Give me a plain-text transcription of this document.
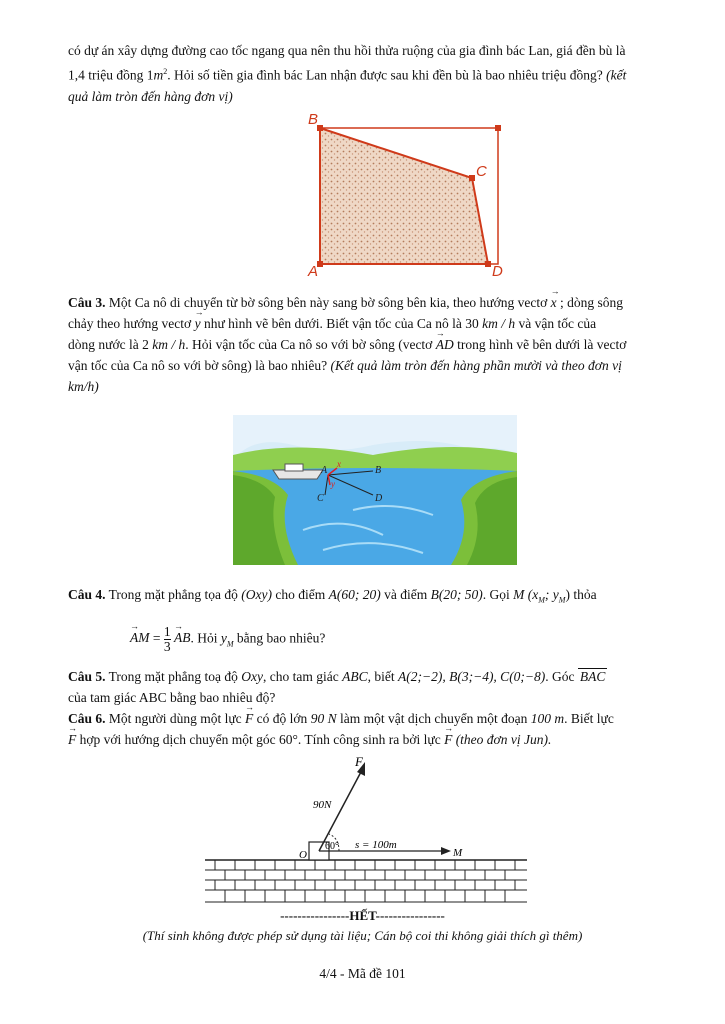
có dự án xây dựng đường cao tốc ngang qua nên thu hồi thửa ruộng của gia đình bác Lan, giá đền bù là
1,4 triệu đồng $1m^2$. Hỏi số tiền gia đình bác Lan nhận được sau khi đền bù là bao nhiêu triệu đồng? (kết
quả làm tròn đến hàng đơn vị)
B
C
A	D
Câu 3. Một Ca nô di chuyển từ bờ sông bên này sang bờ sông bên kia, theo hướng vectơ → x ; dòng sông
chảy theo hướng vectơ → y như hình vẽ bên dưới. Biết vận tốc của Ca nô là 30 km / h và vận tốc của
dòng nước là 2 km / h. Hỏi vận tốc của Ca nô so với bờ sông (vectơ → AD trong hình vẽ bên dưới là vectơ
vận tốc của Ca nô so với bờ sông) là bao nhiêu? (Kết quả làm tròn đến hàng phần mười và theo đơn vị
km/h)
A	B
C	D
x
y
Câu 4. Trong mặt phẳng tọa độ (Oxy) cho điểm A(60; 20) và điểm B(20; 50). Gọi M ($x_M$; $y_M$) thỏa
→ AM = $\frac{1}{3}$ → AB. Hỏi $y_M$ bằng bao nhiêu?
Câu 5. Trong mặt phẳng toạ độ Oxy, cho tam giác ABC, biết A(2;−2), B(3;−4), C(0;−8). Góc BAC
của tam giác ABC bằng bao nhiêu độ?
Câu 6. Một người dùng một lực → F có độ lớn 90 N làm một vật dịch chuyển một đoạn 100 m. Biết lực
→ F hợp với hướng dịch chuyển một góc 60°. Tính công sinh ra bởi lực → F (theo đơn vị Jun).
F
90N
60° s = 100m
O	M
----------------HẾT----------------
(Thí sinh không được phép sử dụng tài liệu; Cán bộ coi thi không giải thích gì thêm)
4/4 - Mã đề 101
